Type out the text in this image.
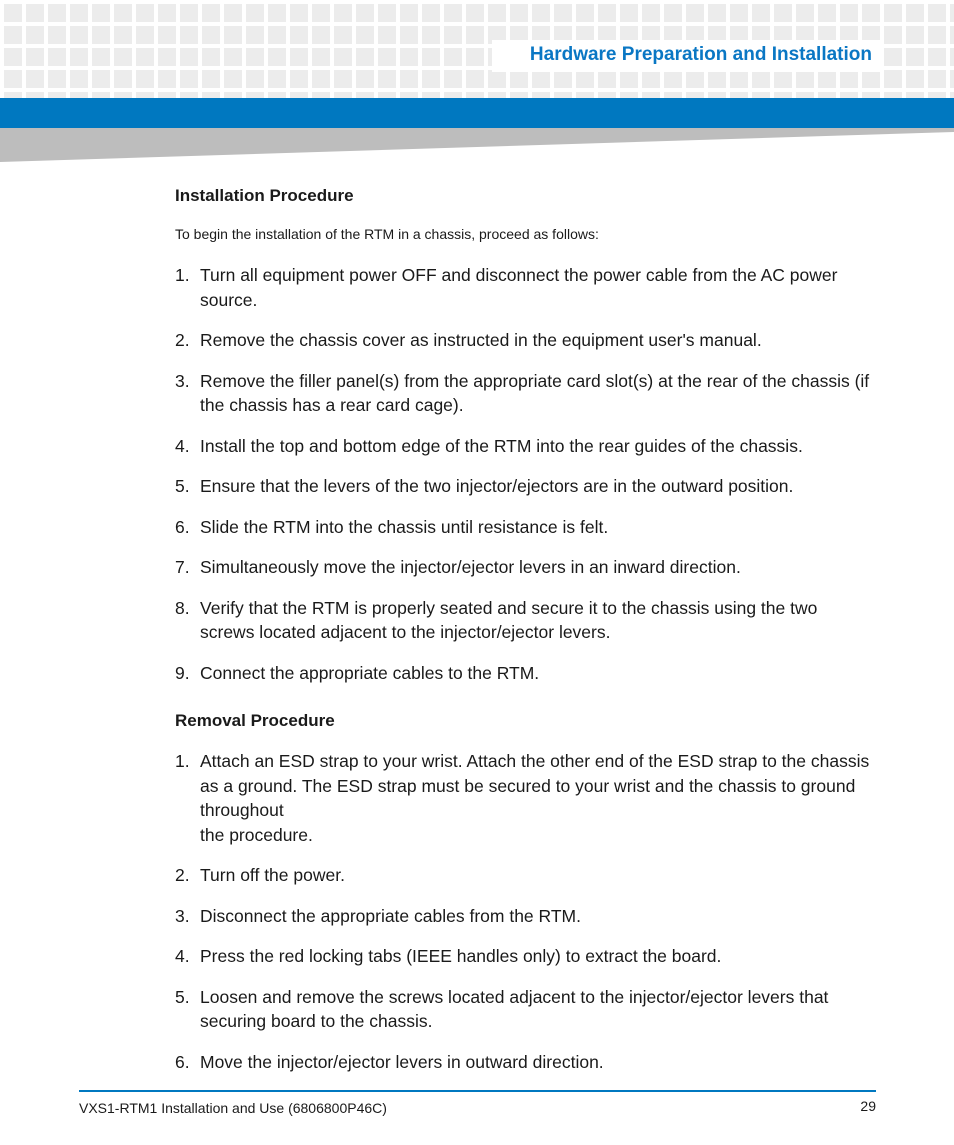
Hardware Preparation and Installation
Installation Procedure
To begin the installation of the RTM in a chassis, proceed as follows:
1. Turn all equipment power OFF and disconnect the power cable from the AC power source.
2. Remove the chassis cover as instructed in the equipment user's manual.
3. Remove the filler panel(s) from the appropriate card slot(s) at the rear of the chassis (if the chassis has a rear card cage).
4. Install the top and bottom edge of the RTM into the rear guides of the chassis.
5. Ensure that the levers of the two injector/ejectors are in the outward position.
6. Slide the RTM into the chassis until resistance is felt.
7. Simultaneously move the injector/ejector levers in an inward direction.
8. Verify that the RTM is properly seated and secure it to the chassis using the two screws located adjacent to the injector/ejector levers.
9. Connect the appropriate cables to the RTM.
Removal Procedure
1. Attach an ESD strap to your wrist. Attach the other end of the ESD strap to the chassis as a ground. The ESD strap must be secured to your wrist and the chassis to ground throughout
the procedure.
2. Turn off the power.
3. Disconnect the appropriate cables from the RTM.
4. Press the red locking tabs (IEEE handles only) to extract the board.
5. Loosen and remove the screws located adjacent to the injector/ejector levers that securing board to the chassis.
6. Move the injector/ejector levers in outward direction.
VXS1-RTM1 Installation and Use (6806800P46C)	29
